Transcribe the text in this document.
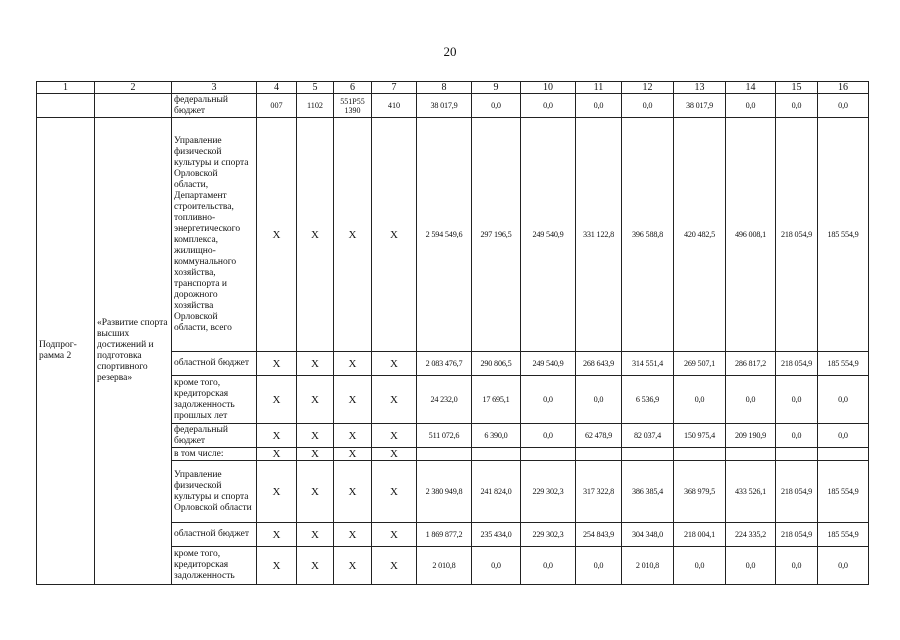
20
1	2	3	4	5	6	7	8	9	10	11	12	13	14	15	16
		федеральный бюджет	007	1102	551Р55 1390	410	38 017,9	0,0	0,0	0,0	0,0	38 017,9	0,0	0,0	0,0
Подпрог-рамма 2	«Развитие спорта высших достижений и подготовка спортивного резерва»	Управление физической культуры и спорта Орловской области, Департамент строительства, топливно-энергетического комплекса, жилищно-коммунального хозяйства, транспорта и дорожного хозяйства Орловской области, всего	Х	Х	Х	Х	2 594 549,6	297 196,5	249 540,9	331 122,8	396 588,8	420 482,5	496 008,1	218 054,9	185 554,9
		областной бюджет	Х	Х	Х	Х	2 083 476,7	290 806,5	249 540,9	268 643,9	314 551,4	269 507,1	286 817,2	218 054,9	185 554,9
		кроме того, кредиторская задолженность прошлых лет	Х	Х	Х	Х	24 232,0	17 695,1	0,0	0,0	6 536,9	0,0	0,0	0,0	0,0
		федеральный бюджет	Х	Х	Х	Х	511 072,6	6 390,0	0,0	62 478,9	82 037,4	150 975,4	209 190,9	0,0	0,0
		в том числе:	Х	Х	Х	Х									
		Управление физической культуры и спорта Орловской области	Х	Х	Х	Х	2 380 949,8	241 824,0	229 302,3	317 322,8	386 385,4	368 979,5	433 526,1	218 054,9	185 554,9
		областной бюджет	Х	Х	Х	Х	1 869 877,2	235 434,0	229 302,3	254 843,9	304 348,0	218 004,1	224 335,2	218 054,9	185 554,9
		кроме того, кредиторская задолженность	Х	Х	Х	Х	2 010,8	0,0	0,0	0,0	2 010,8	0,0	0,0	0,0	0,0
